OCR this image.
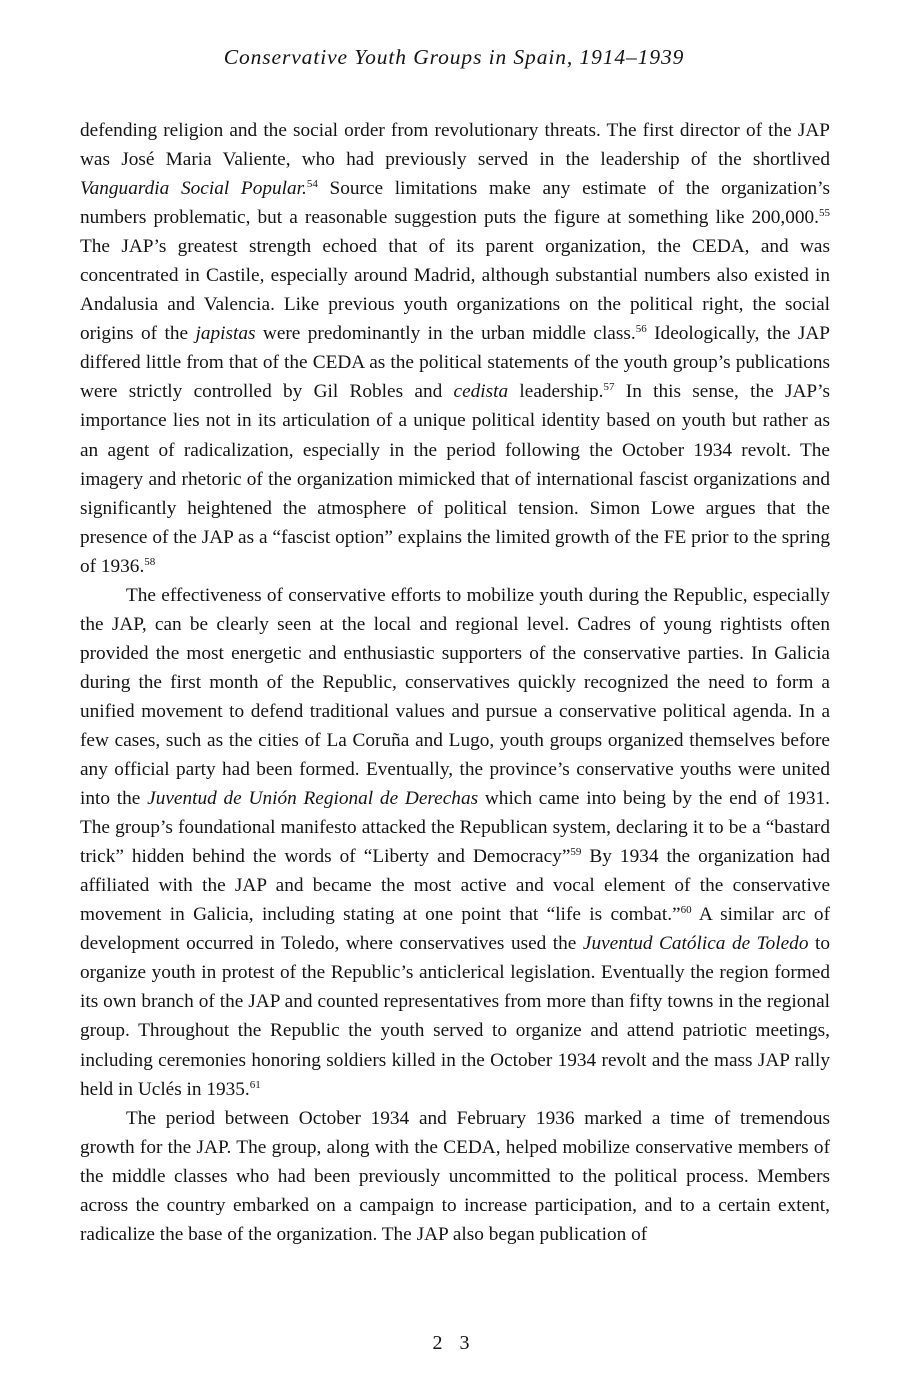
Conservative Youth Groups in Spain, 1914–1939

defending religion and the social order from revolutionary threats. The first director of the JAP was José Maria Valiente, who had previously served in the leadership of the shortlived Vanguardia Social Popular.$^{54}$ Source limitations make any estimate of the organization’s numbers problematic, but a reasonable suggestion puts the figure at something like 200,000.55 The JAP’s greatest strength echoed that of its parent organization, the CEDA, and was concentrated in Castile, especially around Madrid, although substantial numbers also existed in Andalusia and Valencia. Like previous youth organizations on the political right, the social origins of the japistas were predominantly in the urban middle class.$^{56}$ Ideologically, the JAP differed little from that of the CEDA as the political statements of the youth group’s publications were strictly controlled by Gil Robles and cedista leadership.$^{57}$ In this sense, the JAP’s importance lies not in its articulation of a unique political identity based on youth but rather as an agent of radicalization, especially in the period following the October 1934 revolt. The imagery and rhetoric of the organization mimicked that of international fascist organizations and significantly heightened the atmosphere of political tension. Simon Lowe argues that the presence of the JAP as a “fascist option” explains the limited growth of the FE prior to the spring of 1936.58

The effectiveness of conservative efforts to mobilize youth during the Republic, especially the JAP, can be clearly seen at the local and regional level. Cadres of young rightists often provided the most energetic and enthusiastic supporters of the conservative parties. In Galicia during the first month of the Republic, conservatives quickly recognized the need to form a unified movement to defend traditional values and pursue a conservative political agenda. In a few cases, such as the cities of La Coruña and Lugo, youth groups organized themselves before any official party had been formed. Eventually, the province’s conservative youths were united into the Juventud de Unión Regional de Derechas which came into being by the end of 1931. The group’s foundational manifesto attacked the Republican system, declaring it to be a “bastard trick” hidden behind the words of “Liberty and Democracy”$^{59}$ By 1934 the organization had affiliated with the JAP and became the most active and vocal element of the conservative movement in Galicia, including stating at one point that “life is combat.”$^{60}$ A similar arc of development occurred in Toledo, where conservatives used the Juventud Católica de Toledo to organize youth in protest of the Republic’s anticlerical legislation. Eventually the region formed its own branch of the JAP and counted representatives from more than fifty towns in the regional group. Throughout the Republic the youth served to organize and attend patriotic meetings, including ceremonies honoring soldiers killed in the October 1934 revolt and the mass JAP rally held in Uclés in 1935.61

The period between October 1934 and February 1936 marked a time of tremendous growth for the JAP. The group, along with the CEDA, helped mobilize conservative members of the middle classes who had been previously uncommitted to the political process. Members across the country embarked on a campaign to increase participation, and to a certain extent, radicalize the base of the organization. The JAP also began publication of

2 3
